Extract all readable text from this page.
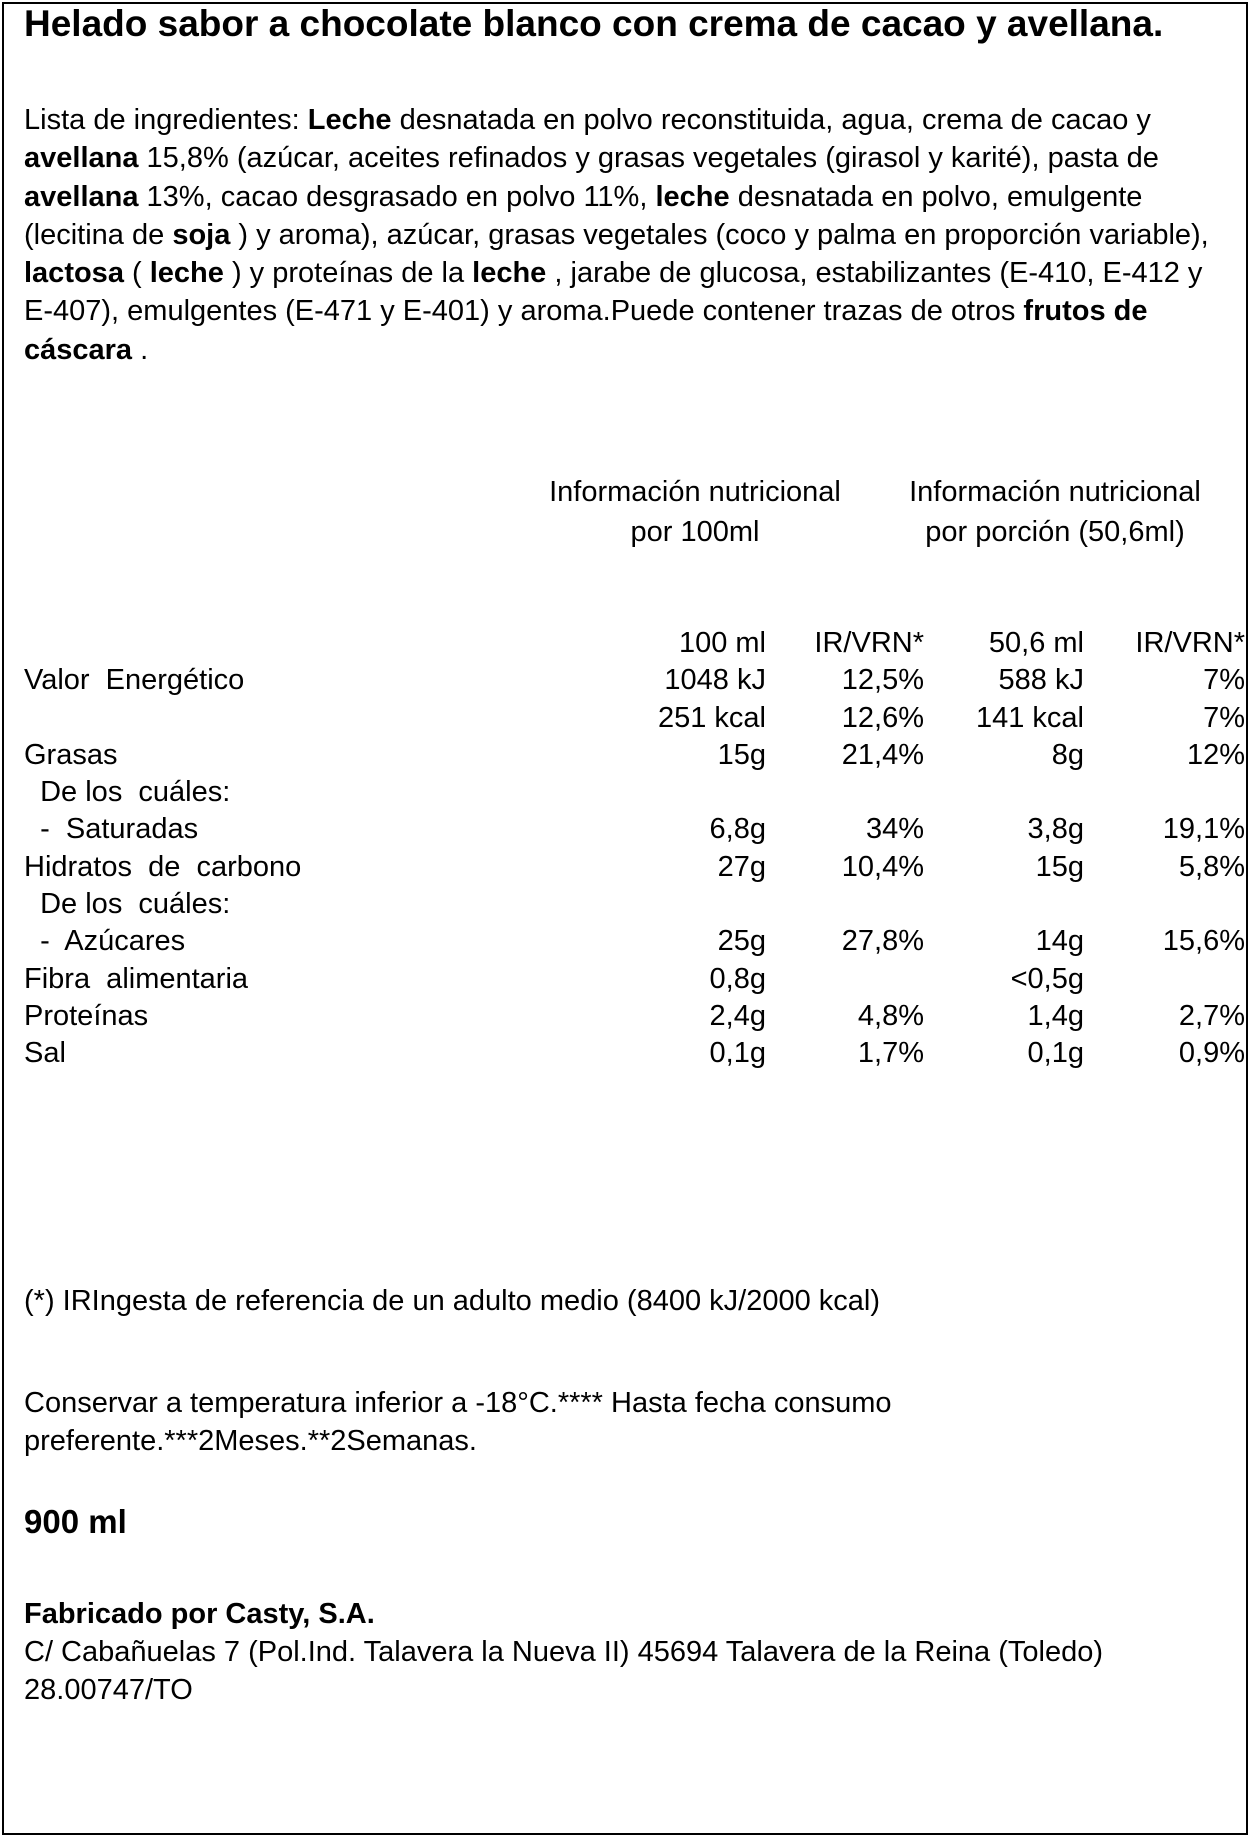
Helado sabor a chocolate blanco con crema de cacao y avellana.
Lista de ingredientes: Leche desnatada en polvo reconstituida, agua, crema de cacao y avellana 15,8% (azúcar, aceites refinados y grasas vegetales (girasol y karité), pasta de avellana 13%, cacao desgrasado en polvo 11%, leche desnatada en polvo, emulgente (lecitina de soja ) y aroma), azúcar, grasas vegetales (coco y palma en proporción variable), lactosa ( leche ) y proteínas de la leche , jarabe de glucosa, estabilizantes (E-410, E-412 y E-407), emulgentes (E-471 y E-401) y aroma.Puede contener trazas de otros frutos de cáscara .
Información nutricional
por 100ml
Información nutricional
por porción (50,6ml)
	100 ml	IR/VRN*	50,6 ml	IR/VRN*
Valor  Energético	1048 kJ	12,5%	588 kJ	7%
	251 kcal	12,6%	141 kcal	7%
Grasas	15g	21,4%	8g	12%
De los  cuáles:				
-  Saturadas	6,8g	34%	3,8g	19,1%
Hidratos  de  carbono	27g	10,4%	15g	5,8%
De los  cuáles:				
-  Azúcares	25g	27,8%	14g	15,6%
Fibra  alimentaria	0,8g		<0,5g	
Proteínas	2,4g	4,8%	1,4g	2,7%
Sal	0,1g	1,7%	0,1g	0,9%
(*) IRIngesta de referencia de un adulto medio (8400 kJ/2000 kcal)
Conservar a temperatura inferior a -18°C.**** Hasta fecha consumo preferente.***2Meses.**2Semanas.
900 ml
Fabricado por Casty, S.A.
C/ Cabañuelas 7 (Pol.Ind. Talavera la Nueva II) 45694 Talavera de la Reina (Toledo)
28.00747/TO
